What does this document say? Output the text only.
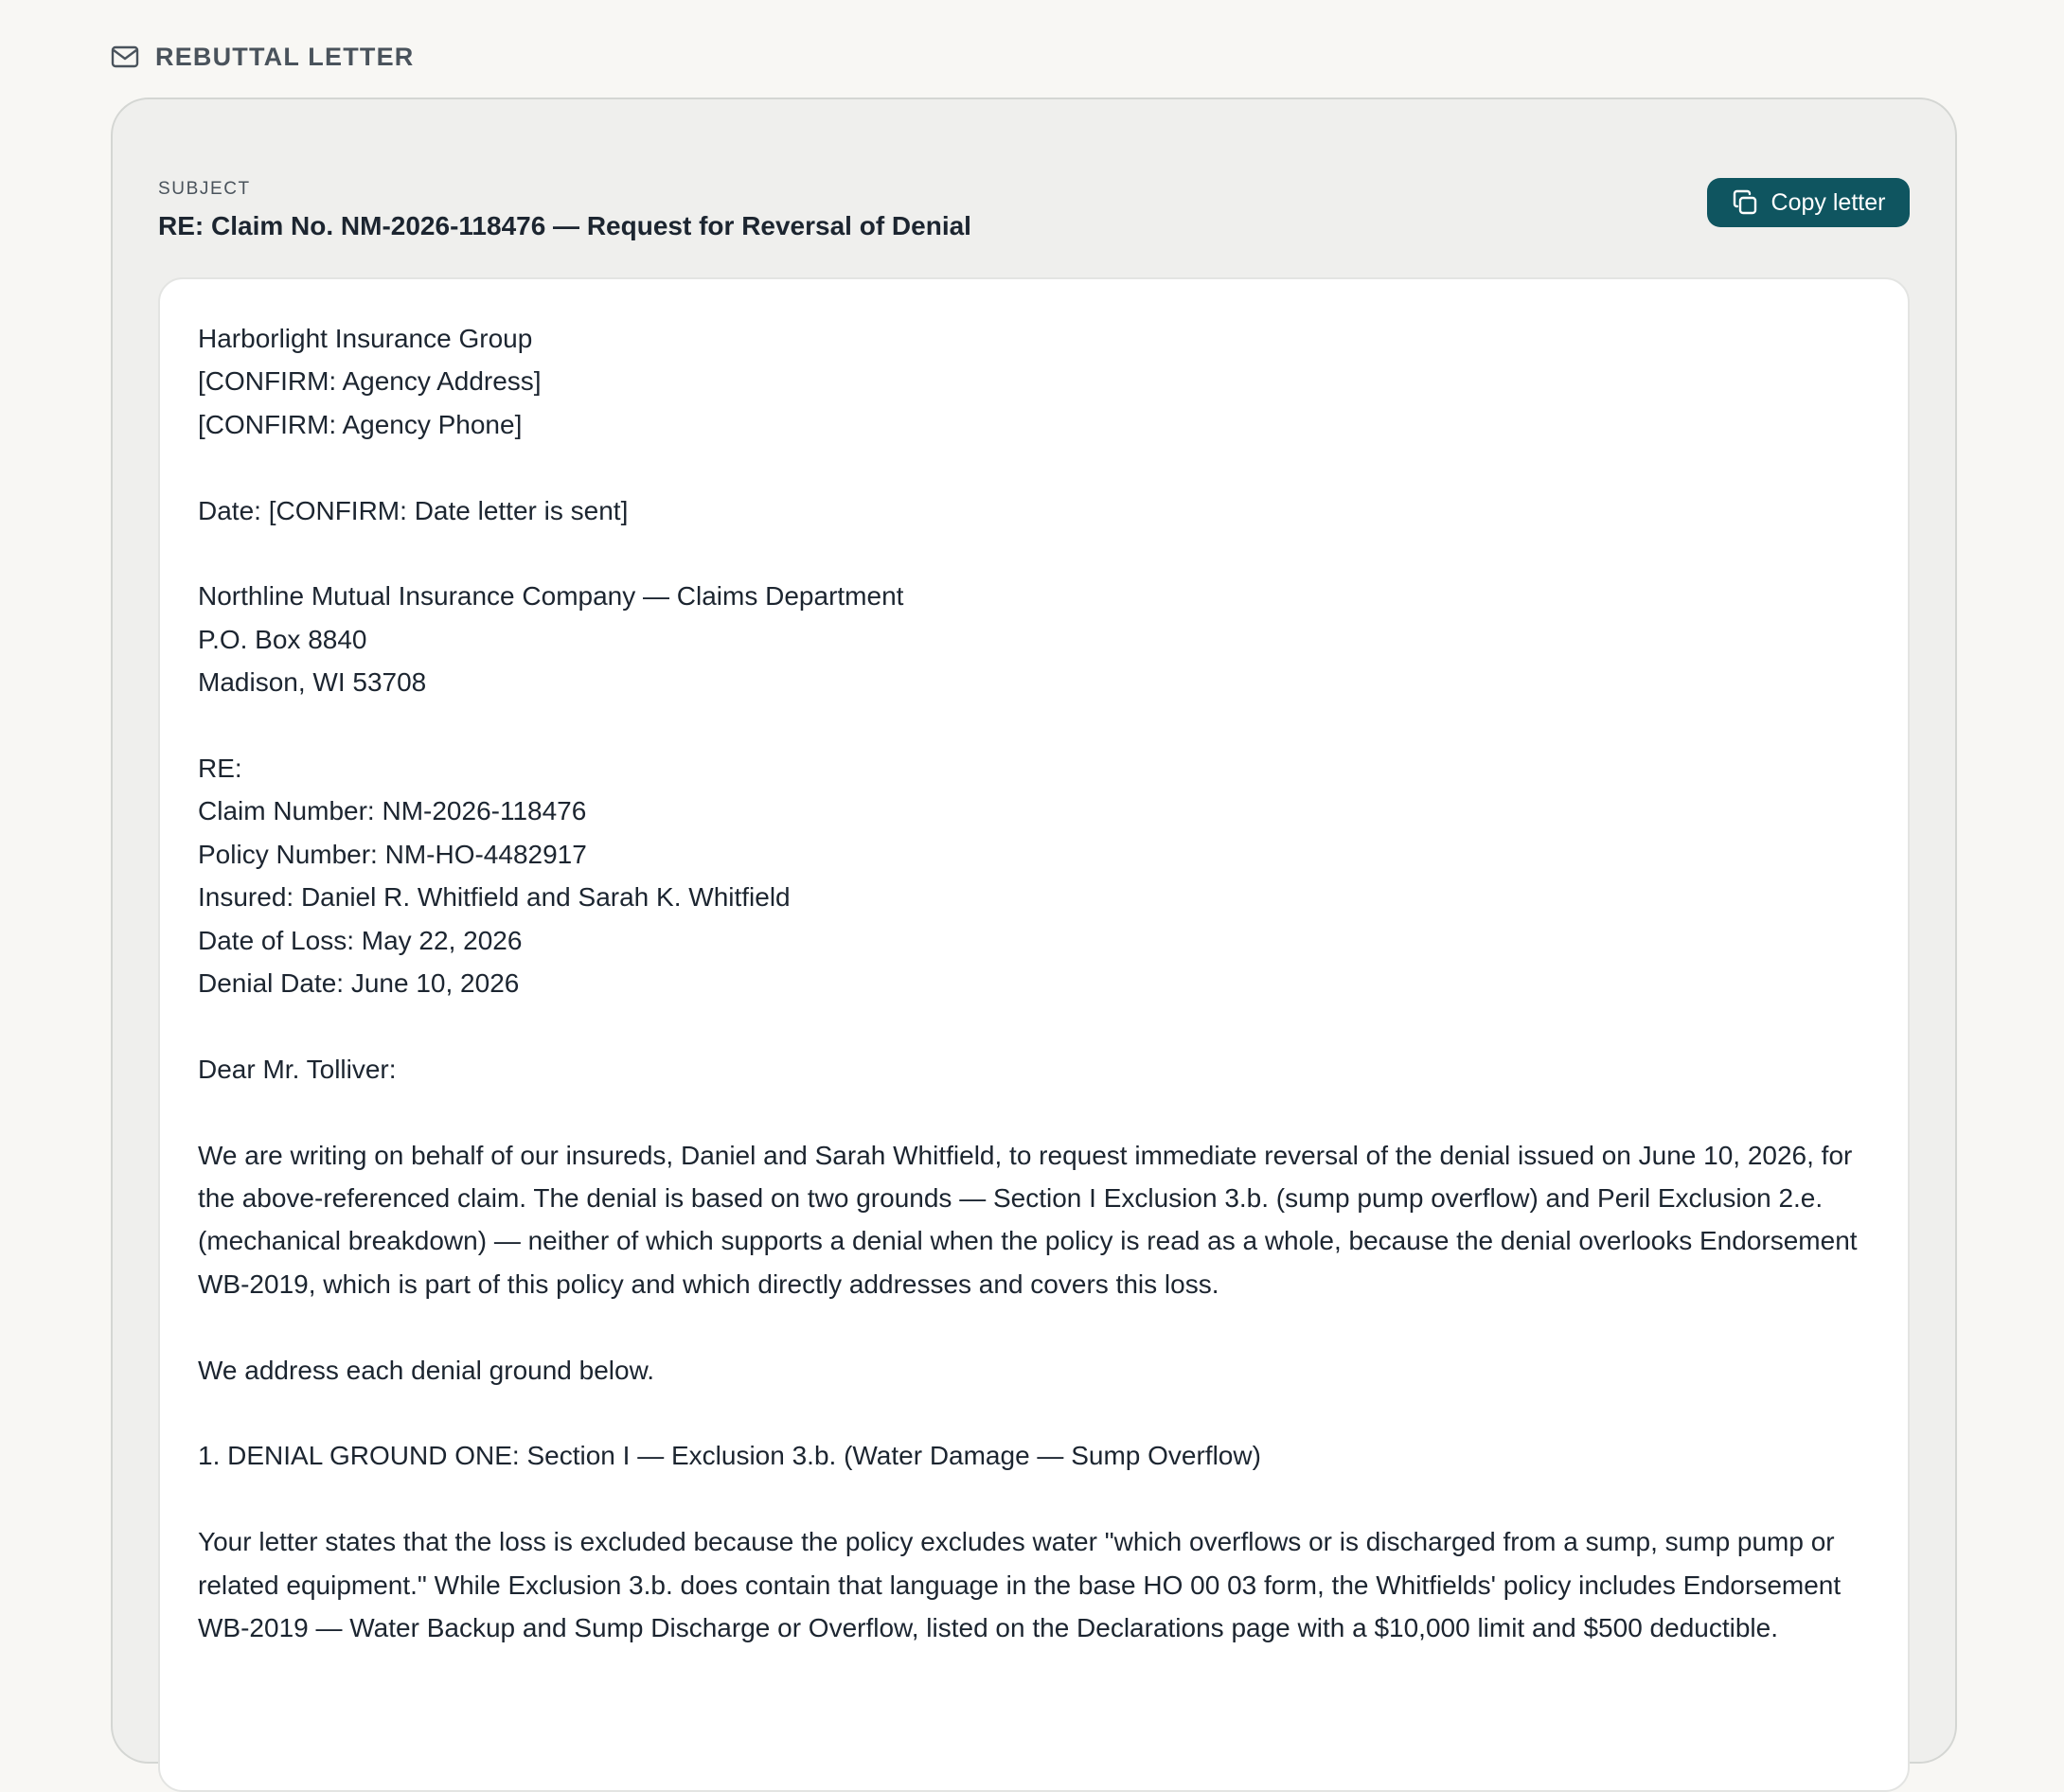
REBUTTAL LETTER
SUBJECT
RE: Claim No. NM-2026-118476 — Request for Reversal of Denial
Copy letter
Harborlight Insurance Group
[CONFIRM: Agency Address]
[CONFIRM: Agency Phone]
Date: [CONFIRM: Date letter is sent]
Northline Mutual Insurance Company — Claims Department
P.O. Box 8840
Madison, WI 53708
RE:
Claim Number: NM-2026-118476
Policy Number: NM-HO-4482917
Insured: Daniel R. Whitfield and Sarah K. Whitfield
Date of Loss: May 22, 2026
Denial Date: June 10, 2026
Dear Mr. Tolliver:
We are writing on behalf of our insureds, Daniel and Sarah Whitfield, to request immediate reversal of the denial issued on June 10, 2026, for the above-referenced claim. The denial is based on two grounds — Section I Exclusion 3.b. (sump pump overflow) and Peril Exclusion 2.e. (mechanical breakdown) — neither of which supports a denial when the policy is read as a whole, because the denial overlooks Endorsement WB-2019, which is part of this policy and which directly addresses and covers this loss.
We address each denial ground below.
1. DENIAL GROUND ONE: Section I — Exclusion 3.b. (Water Damage — Sump Overflow)
Your letter states that the loss is excluded because the policy excludes water "which overflows or is discharged from a sump, sump pump or related equipment." While Exclusion 3.b. does contain that language in the base HO 00 03 form, the Whitfields' policy includes Endorsement WB-2019 — Water Backup and Sump Discharge or Overflow, listed on the Declarations page with a $10,000 limit and $500 deductible.
